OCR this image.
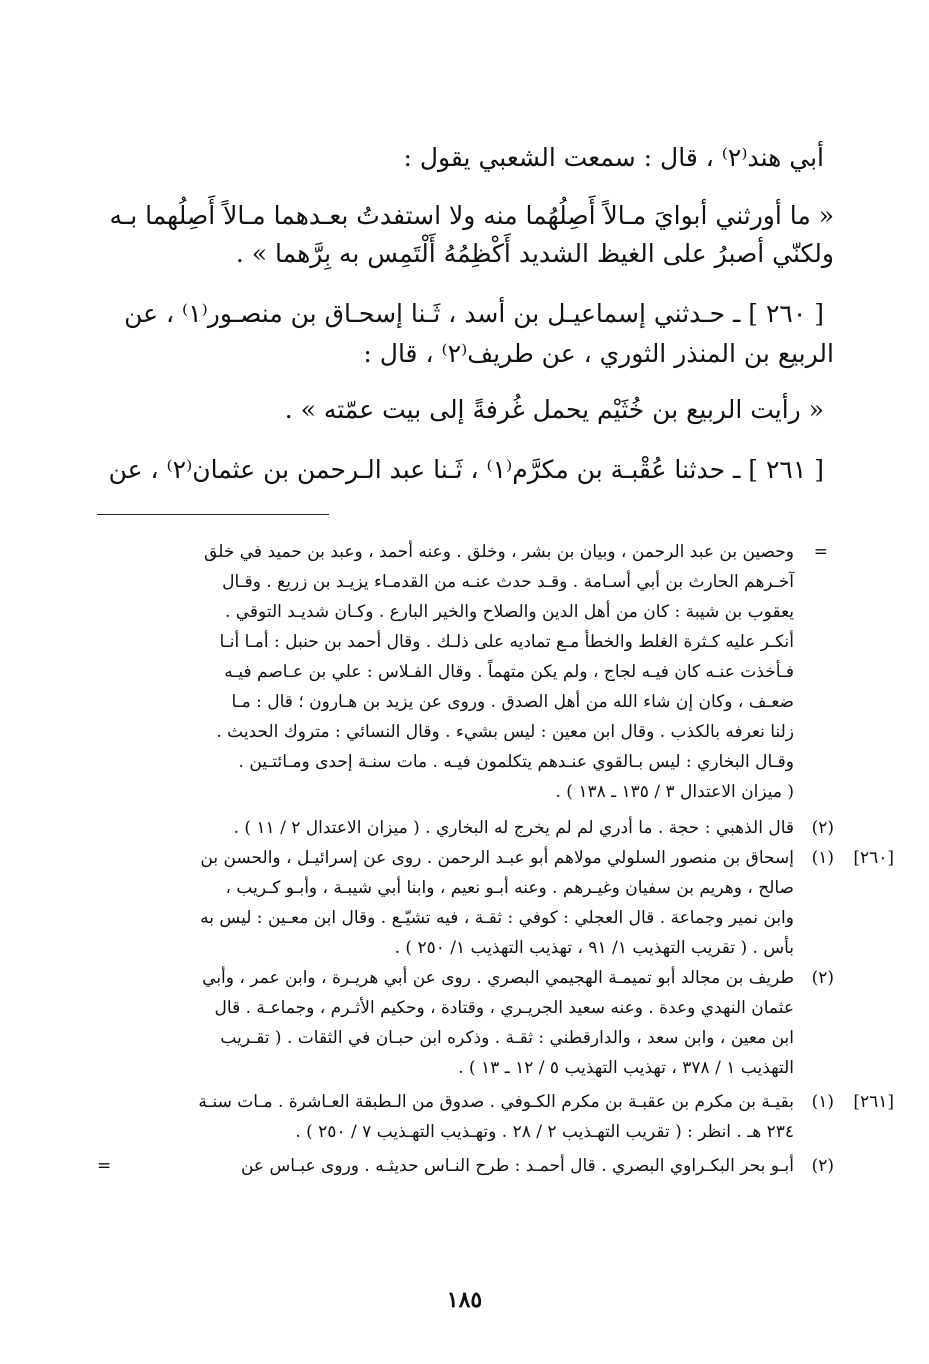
أبي هند⁽٢⁾ ، قال : سمعت الشعبي يقول :
« ما أورثني أبوايَ مـالاً أَصِلُهُما منه ولا استفدتُ بعـدهما مـالاً أَصِلُهما بـه
ولكنّي أصبرُ على الغيظ الشديد أَكْظِمُهُ أَلْتَمِس به بِرَّهما » .
[ ٢٦٠ ] ـ حـدثني إسماعيـل بن أسد ، ثَـنا إسحـاق بن منصـور⁽١⁾ ، عن
الربيع بن المنذر الثوري ، عن طريف⁽٢⁾ ، قال :
« رأيت الربيع بن خُثَيْم يحمل غُرفةً إلى بيت عمّته » .
[ ٢٦١ ] ـ حدثنا عُقْبـة بن مكرَّم⁽١⁾ ، ثَـنا عبد الـرحمن بن عثمان⁽٢⁾ ، عن
=
وحصين بن عبد الرحمن ، وبيان بن بشر ، وخلق . وعنه أحمد ، وعبد بن حميد في خلق
آخـرهم الحارث بن أبي أسـامة . وقـد حدث عنـه من القدمـاء يزيـد بن زريع . وقـال
يعقوب بن شيبة : كان من أهل الدين والصلاح والخير البارع . وكـان شديـد التوقي .
أنكـر عليه كـثرة الغلط والخطأ مـع تماديه على ذلـك . وقال أحمد بن حنبل : أمـا أنـا
فـأخذت عنـه كان فيـه لجاج ، ولم يكن متهماً . وقال الفـلاس : علي بن عـاصم فيـه
ضعـف ، وكان إن شاء الله من أهل الصدق . وروى عن يزيد بن هـارون ؛ قال : مـا
زلنا نعرفه بالكذب . وقال ابن معين : ليس بشيء . وقال النسائي : متروك الحديث .
وقـال البخاري : ليس بـالقوي عنـدهم يتكلمون فيـه . مات سنـة إحدى ومـائتـين .
( ميزان الاعتدال ٣ / ١٣٥ ـ ١٣٨ ) .
(٢)
قال الذهبي : حجة . ما أدري لم لم يخرج له البخاري . ( ميزان الاعتدال ٢ / ١١ ) .
[٢٦٠]
(١)
إسحاق بن منصور السلولي مولاهم أبو عبـد الرحمن . روى عن إسرائيـل ، والحسن بن
صالح ، وهريم بن سفيان وغيـرهم . وعنه أبـو نعيم ، وابنا أبي شيبـة ، وأبـو كـريب ،
وابن نمير وجماعة . قال العجلي : كوفي : ثقـة ، فيه تشيّـع . وقال ابن معـين : ليس به
بأس . ( تقريب التهذيب ١/ ٩١ ، تهذيب التهذيب ١/ ٢٥٠ ) .
(٢)
طريف بن مجالد أبو تميمـة الهجيمي البصري . روى عن أبي هريـرة ، وابن عمر ، وأبي
عثمان النهدي وعدة . وعنه سعيد الجريـري ، وقتادة ، وحكيم الأثـرم ، وجماعـة . قال
ابن معين ، وابن سعد ، والدارقطني : ثقـة . وذكره ابن حبـان في الثقات . ( تقـريب
التهذيب ١ / ٣٧٨ ، تهذيب التهذيب ٥ / ١٢ ـ ١٣ ) .
[٢٦١]
(١)
بقيـة بن مكرم بن عقبـة بن مكرم الكـوفي . صدوق من الـطبقة العـاشرة . مـات سنـة
٢٣٤ هـ . انظر : ( تقريب التهـذيب ٢ / ٢٨ . وتهـذيب التهـذيب ٧ / ٢٥٠ ) .
(٢)
أبـو بحر البكـراوي البصري . قال أحمـد : طرح النـاس حديثـه . وروى عبـاس عن
=
١٨٥
